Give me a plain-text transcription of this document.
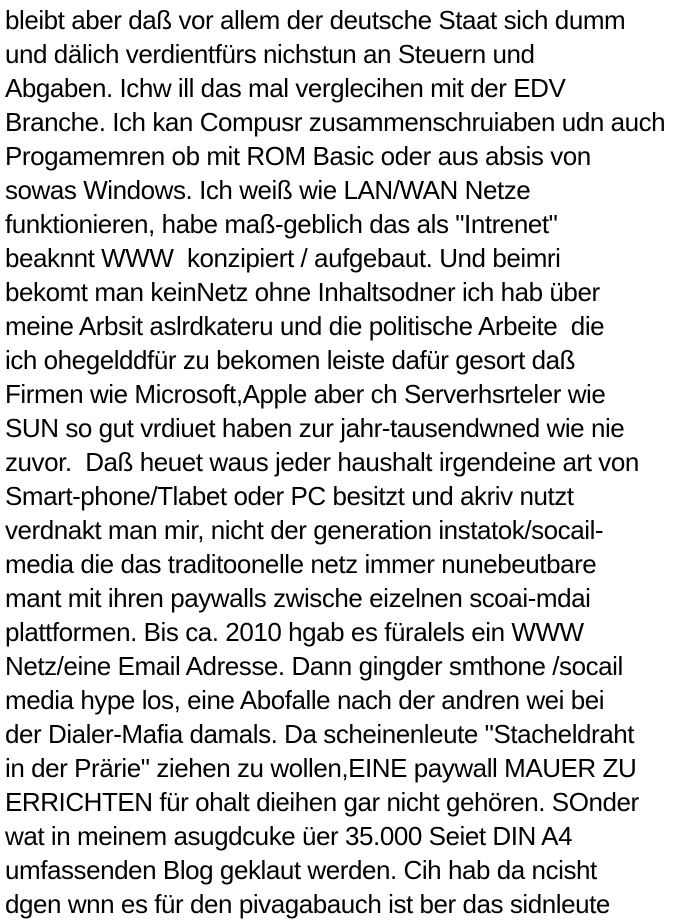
bleibt aber daß vor allem der deutsche Staat sich dumm
und dälich verdientfürs nichstun an Steuern und
Abgaben. Ichw ill das mal verglecihen mit der EDV
Branche. Ich kan Compusr zusammenschruiaben udn auch
Progamemren ob mit ROM Basic oder aus absis von
sowas Windows. Ich weiß wie LAN/WAN Netze
funktionieren, habe maß-geblich das als "Intrenet"
beaknnt WWW  konzipiert / aufgebaut. Und beimri
bekomt man keinNetz ohne Inhaltsodner ich hab über
meine Arbsit aslrdkateru und die politische Arbeite  die
ich ohegelddfür zu bekomen leiste dafür gesort daß
Firmen wie Microsoft,Apple aber ch Serverhsrteler wie
SUN so gut vrdiuet haben zur jahr-tausendwned wie nie
zuvor.  Daß heuet waus jeder haushalt irgendeine art von
Smart-phone/Tlabet oder PC besitzt und akriv nutzt
verdnakt man mir, nicht der generation instatok/socail-
media die das traditoonelle netz immer nunebeutbare
mant mit ihren paywalls zwische eizelnen scoai-mdai
plattformen. Bis ca. 2010 hgab es füralels ein WWW
Netz/eine Email Adresse. Dann gingder smthone /socail
media hype los, eine Abofalle nach der andren wei bei
der Dialer-Mafia damals. Da scheinenleute "Stacheldraht
in der Prärie" ziehen zu wollen,EINE paywall MAUER ZU
ERRICHTEN für ohalt dieihen gar nicht gehören. SOnder
wat in meinem asugdcuke üer 35.000 Seiet DIN A4
umfassenden Blog geklaut werden. Cih hab da ncisht
dgen wnn es für den pivagabauch ist ber das sidnleute
